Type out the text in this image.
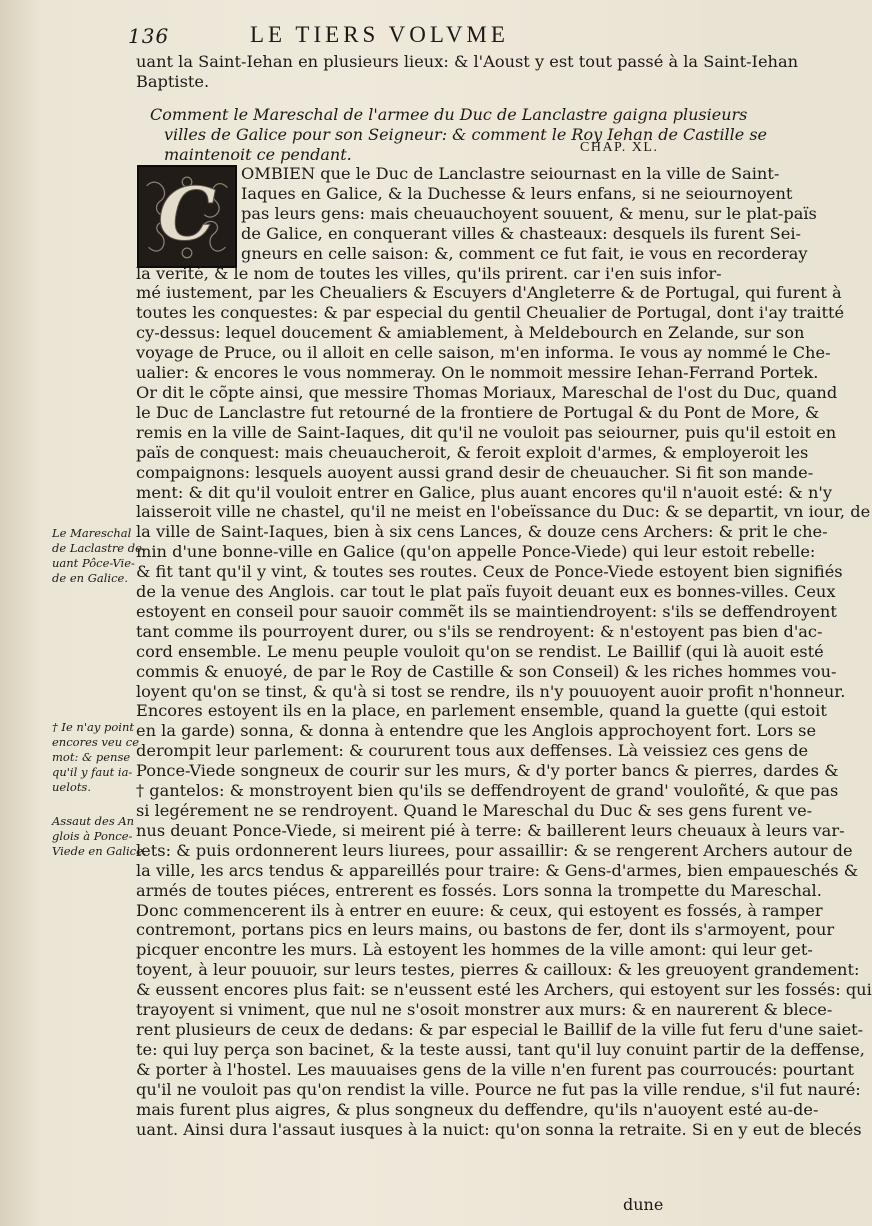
136	LE TIERS VOLVME
uant la Saint-Iehan en plusieurs lieux: & l'Aoust y est tout passé à la Saint-Iehan
Baptiste.
Comment le Mareschal de l'armee du Duc de Lanclastre gaigna plusieurs
villes de Galice pour son Seigneur: & comment le Roy Iehan de Castille se
maintenoit ce pendant.	CHAP. XL.
C OMBIEN que le Duc de Lanclastre seiournast en la ville de Saint-
Iaques en Galice, & la Duchesse & leurs enfans, si ne seiournoyent
pas leurs gens: mais cheuauchoyent souuent, & menu, sur le plat-païs
de Galice, en conquerant villes & chasteaux: desquels ils furent Sei-
gneurs en celle saison: &, comment ce fut fait, ie vous en recorderay
la verité, & le nom de toutes les villes, qu'ils prirent. car i'en suis infor-
mé iustement, par les Cheualiers & Escuyers d'Angleterre & de Portugal, qui furent à
toutes les conquestes: & par especial du gentil Cheualier de Portugal, dont i'ay traitté
cy-dessus: lequel doucement & amiablement, à Meldebourch en Zelande, sur son
voyage de Pruce, ou il alloit en celle saison, m'en informa. Ie vous ay nommé le Che-
ualier: & encores le vous nommeray. On le nommoit messire Iehan-Ferrand Portek.
Or dit le cõpte ainsi, que messire Thomas Moriaux, Mareschal de l'ost du Duc, quand
le Duc de Lanclastre fut retourné de la frontiere de Portugal & du Pont de More, &
remis en la ville de Saint-Iaques, dit qu'il ne vouloit pas seiourner, puis qu'il estoit en
païs de conquest: mais cheuaucheroit, & feroit exploit d'armes, & employeroit les
compaignons: lesquels auoyent aussi grand desir de cheuaucher. Si fit son mande-
ment: & dit qu'il vouloit entrer en Galice, plus auant encores qu'il n'auoit esté: & n'y
laisseroit ville ne chastel, qu'il ne meist en l'obeïssance du Duc: & se departit, vn iour, de
la ville de Saint-Iaques, bien à six cens Lances, & douze cens Archers: & prit le che-
min d'une bonne-ville en Galice (qu'on appelle Ponce-Viede) qui leur estoit rebelle:
& fit tant qu'il y vint, & toutes ses routes. Ceux de Ponce-Viede estoyent bien signifiés
de la venue des Anglois. car tout le plat païs fuyoit deuant eux es bonnes-villes. Ceux
estoyent en conseil pour sauoir commẽt ils se maintiendroyent: s'ils se deffendroyent
tant comme ils pourroyent durer, ou s'ils se rendroyent: & n'estoyent pas bien d'ac-
cord ensemble. Le menu peuple vouloit qu'on se rendist. Le Baillif (qui là auoit esté
commis & enuoyé, de par le Roy de Castille & son Conseil) & les riches hommes vou-
loyent qu'on se tinst, & qu'à si tost se rendre, ils n'y pouuoyent auoir profit n'honneur.
Encores estoyent ils en la place, en parlement ensemble, quand la guette (qui estoit
en la garde) sonna, & donna à entendre que les Anglois approchoyent fort. Lors se
derompit leur parlement: & coururent tous aux deffenses. Là veissiez ces gens de
Ponce-Viede songneux de courir sur les murs, & d'y porter bancs & pierres, dardes &
† gantelos: & monstroyent bien qu'ils se deffendroyent de grand' vouloñté, & que pas
si legérement ne se rendroyent. Quand le Mareschal du Duc & ses gens furent ve-
nus deuant Ponce-Viede, si meirent pié à terre: & baillerent leurs cheuaux à leurs var-
lets: & puis ordonnerent leurs liurees, pour assaillir: & se rengerent Archers autour de
la ville, les arcs tendus & appareillés pour traire: & Gens-d'armes, bien empaueschés &
armés de toutes piéces, entrerent es fossés. Lors sonna la trompette du Mareschal.
Donc commencerent ils à entrer en euure: & ceux, qui estoyent es fossés, à ramper
contremont, portans pics en leurs mains, ou bastons de fer, dont ils s'armoyent, pour
picquer encontre les murs. Là estoyent les hommes de la ville amont: qui leur get-
toyent, à leur pouuoir, sur leurs testes, pierres & cailloux: & les greuoyent grandement:
& eussent encores plus fait: se n'eussent esté les Archers, qui estoyent sur les fossés: qui
trayoyent si vniment, que nul ne s'osoit monstrer aux murs: & en naurerent & blece-
rent plusieurs de ceux de dedans: & par especial le Baillif de la ville fut feru d'une saiet-
te: qui luy perça son bacinet, & la teste aussi, tant qu'il luy conuint partir de la deffense,
& porter à l'hostel. Les mauuaises gens de la ville n'en furent pas courroucés: pourtant
qu'il ne vouloit pas qu'on rendist la ville. Pource ne fut pas la ville rendue, s'il fut nauré:
mais furent plus aigres, & plus songneux du deffendre, qu'ils n'auoyent esté au-de-
uant. Ainsi dura l'assaut iusques à la nuict: qu'on sonna la retraite. Si en y eut de blecés
Le Mareschal
de Laclastre de-
uant Pôce-Vie-
de en Galice.
† Ie n'ay point
encores veu ce
mot: & pense
qu'il y faut ia-
uelots.
Assaut des An
glois à Ponce-
Viede en Galice.
dune
